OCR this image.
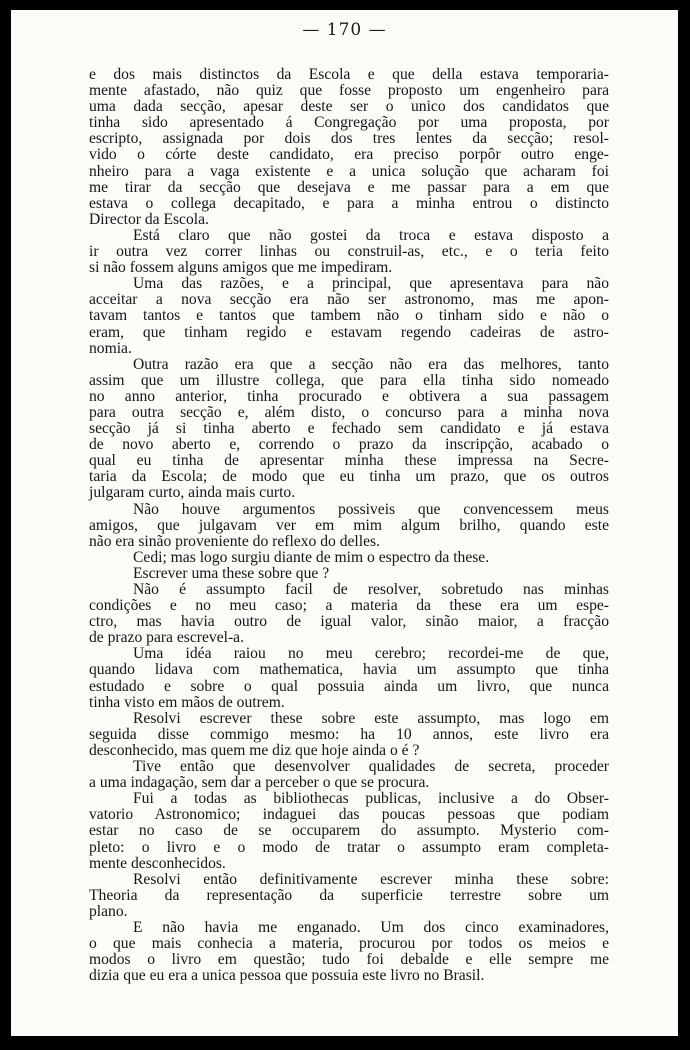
— 170 —
e dos mais distinctos da Escola e que della estava temporaria-
mente afastado, não quiz que fosse proposto um engenheiro para
uma dada secção, apesar deste ser o unico dos candidatos que
tinha sido apresentado á Congregação por uma proposta, por
escripto, assignada por dois dos tres lentes da secção; resol-
vido o córte deste candidato, era preciso porpôr outro enge-
nheiro para a vaga existente e a unica solução que acharam foi
me tirar da secção que desejava e me passar para a em que
estava o collega decapitado, e para a minha entrou o distincto
Director da Escola.
Está claro que não gostei da troca e estava disposto a
ir outra vez correr linhas ou construil-as, etc., e o teria feito
si não fossem alguns amigos que me impediram.
Uma das razões, e a principal, que apresentava para não
acceitar a nova secção era não ser astronomo, mas me apon-
tavam tantos e tantos que tambem não o tinham sido e não o
eram, que tinham regido e estavam regendo cadeiras de astro-
nomia.
Outra razão era que a secção não era das melhores, tanto
assim que um illustre collega, que para ella tinha sido nomeado
no anno anterior, tinha procurado e obtivera a sua passagem
para outra secção e, além disto, o concurso para a minha nova
secção já si tinha aberto e fechado sem candidato e já estava
de novo aberto e, correndo o prazo da inscripção, acabado o
qual eu tinha de apresentar minha these impressa na Secre-
taria da Escola; de modo que eu tinha um prazo, que os outros
julgaram curto, ainda mais curto.
Não houve argumentos possiveis que convencessem meus
amigos, que julgavam ver em mim algum brilho, quando este
não era sinão proveniente do reflexo do delles.
Cedi; mas logo surgiu diante de mim o espectro da these.
Escrever uma these sobre que ?
Não é assumpto facil de resolver, sobretudo nas minhas
condições e no meu caso; a materia da these era um espe-
ctro, mas havia outro de igual valor, sinão maior, a fracção
de prazo para escrevel-a.
Uma idéa raiou no meu cerebro; recordei-me de que,
quando lidava com mathematica, havia um assumpto que tinha
estudado e sobre o qual possuia ainda um livro, que nunca
tinha visto em mãos de outrem.
Resolvi escrever these sobre este assumpto, mas logo em
seguida disse commigo mesmo: ha 10 annos, este livro era
desconhecido, mas quem me diz que hoje ainda o é ?
Tive então que desenvolver qualidades de secreta, proceder
a uma indagação, sem dar a perceber o que se procura.
Fui a todas as bibliothecas publicas, inclusive a do Obser-
vatorio Astronomico; indaguei das poucas pessoas que podiam
estar no caso de se occuparem do assumpto. Mysterio com-
pleto: o livro e o modo de tratar o assumpto eram completa-
mente desconhecidos.
Resolvi então definitivamente escrever minha these sobre:
Theoria da representação da superficie terrestre sobre um
plano.
E não havia me enganado. Um dos cinco examinadores,
o que mais conhecia a materia, procurou por todos os meios e
modos o livro em questão; tudo foi debalde e elle sempre me
dizia que eu era a unica pessoa que possuia este livro no Brasil.
